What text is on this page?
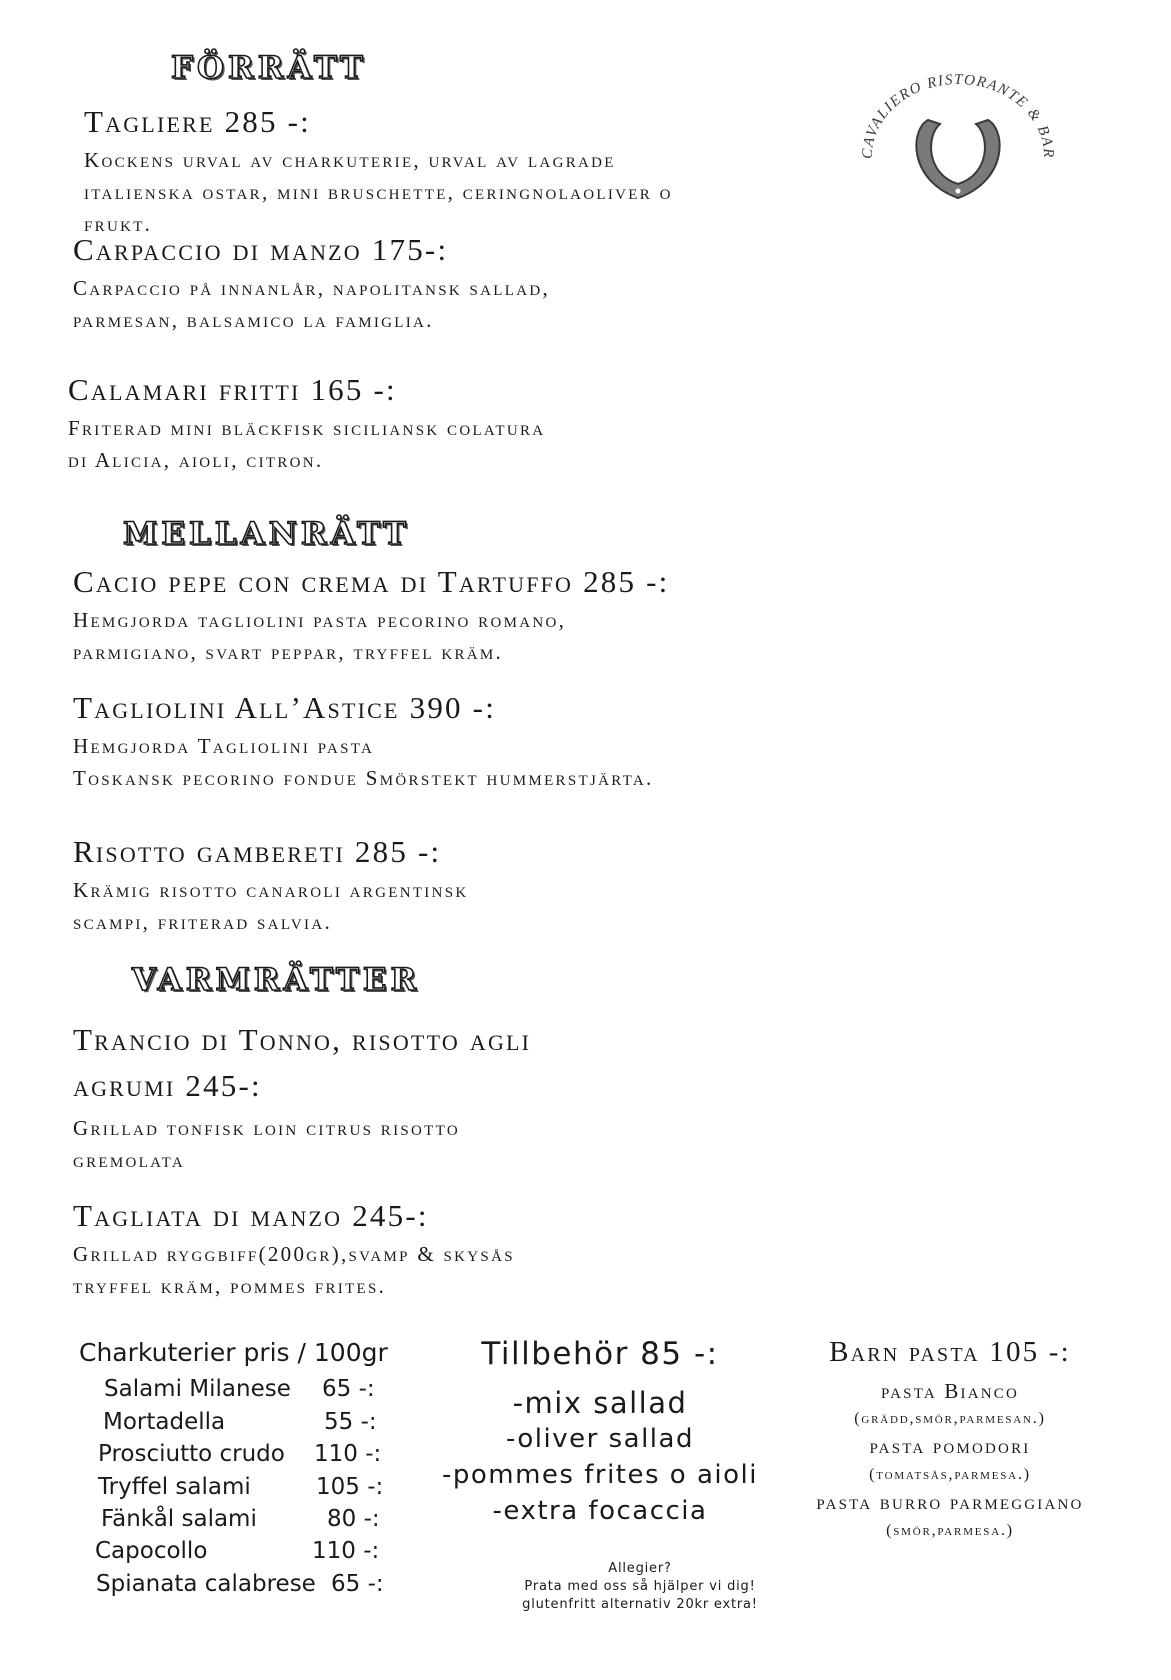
CAVALIERO RISTORANTE & BAR
FÖRRÄTT
Tagliere 285 -:
Kockens urval av charkuterie, urval av lagrade
italienska ostar, mini bruschette, ceringnolaoliver o
frukt.
Carpaccio di manzo 175-:
Carpaccio på innanlår, napolitansk sallad,
parmesan, balsamico la famiglia.
Calamari fritti 165 -:
Friterad mini bläckfisk siciliansk colatura
di Alicia, aioli, citron.
MELLANRÄTT
Cacio pepe con crema di Tartuffo 285 -:
Hemgjorda tagliolini pasta pecorino romano,
parmigiano, svart peppar, tryffel kräm.
Tagliolini All’Astice 390 -:
Hemgjorda Tagliolini pasta
Toskansk pecorino fondue Smörstekt hummerstjärta.
Risotto gambereti 285 -:
Krämig risotto canaroli argentinsk
scampi, friterad salvia.
VARMRÄTTER
Trancio di Tonno, risotto agli
agrumi 245-:
Grillad tonfisk loin citrus risotto
gremolata
Tagliata di manzo 245-:
Grillad ryggbiff(200gr),svamp & skysås
tryffel kräm, pommes frites.
Charkuterier pris / 100gr
Salami Milanese 65 -:
Mortadella	55 -:
Prosciutto crudo 110 -:
Tryffel salami	105 -:
Fänkål salami	80 -:
Capocollo	110 -:
Spianata calabrese 65 -:
Tillbehör 85 -:
-mix sallad
-oliver sallad
-pommes frites o aioli
-extra focaccia
Allegier?
Prata med oss så hjälper vi dig!
glutenfritt alternativ 20kr extra!
Barn pasta 105 -:
pasta Bianco
(grädd,smör,parmesan.)
pasta pomodori
(tomatsås,parmesa.)
pasta burro parmeggiano
(smör,parmesa.)
